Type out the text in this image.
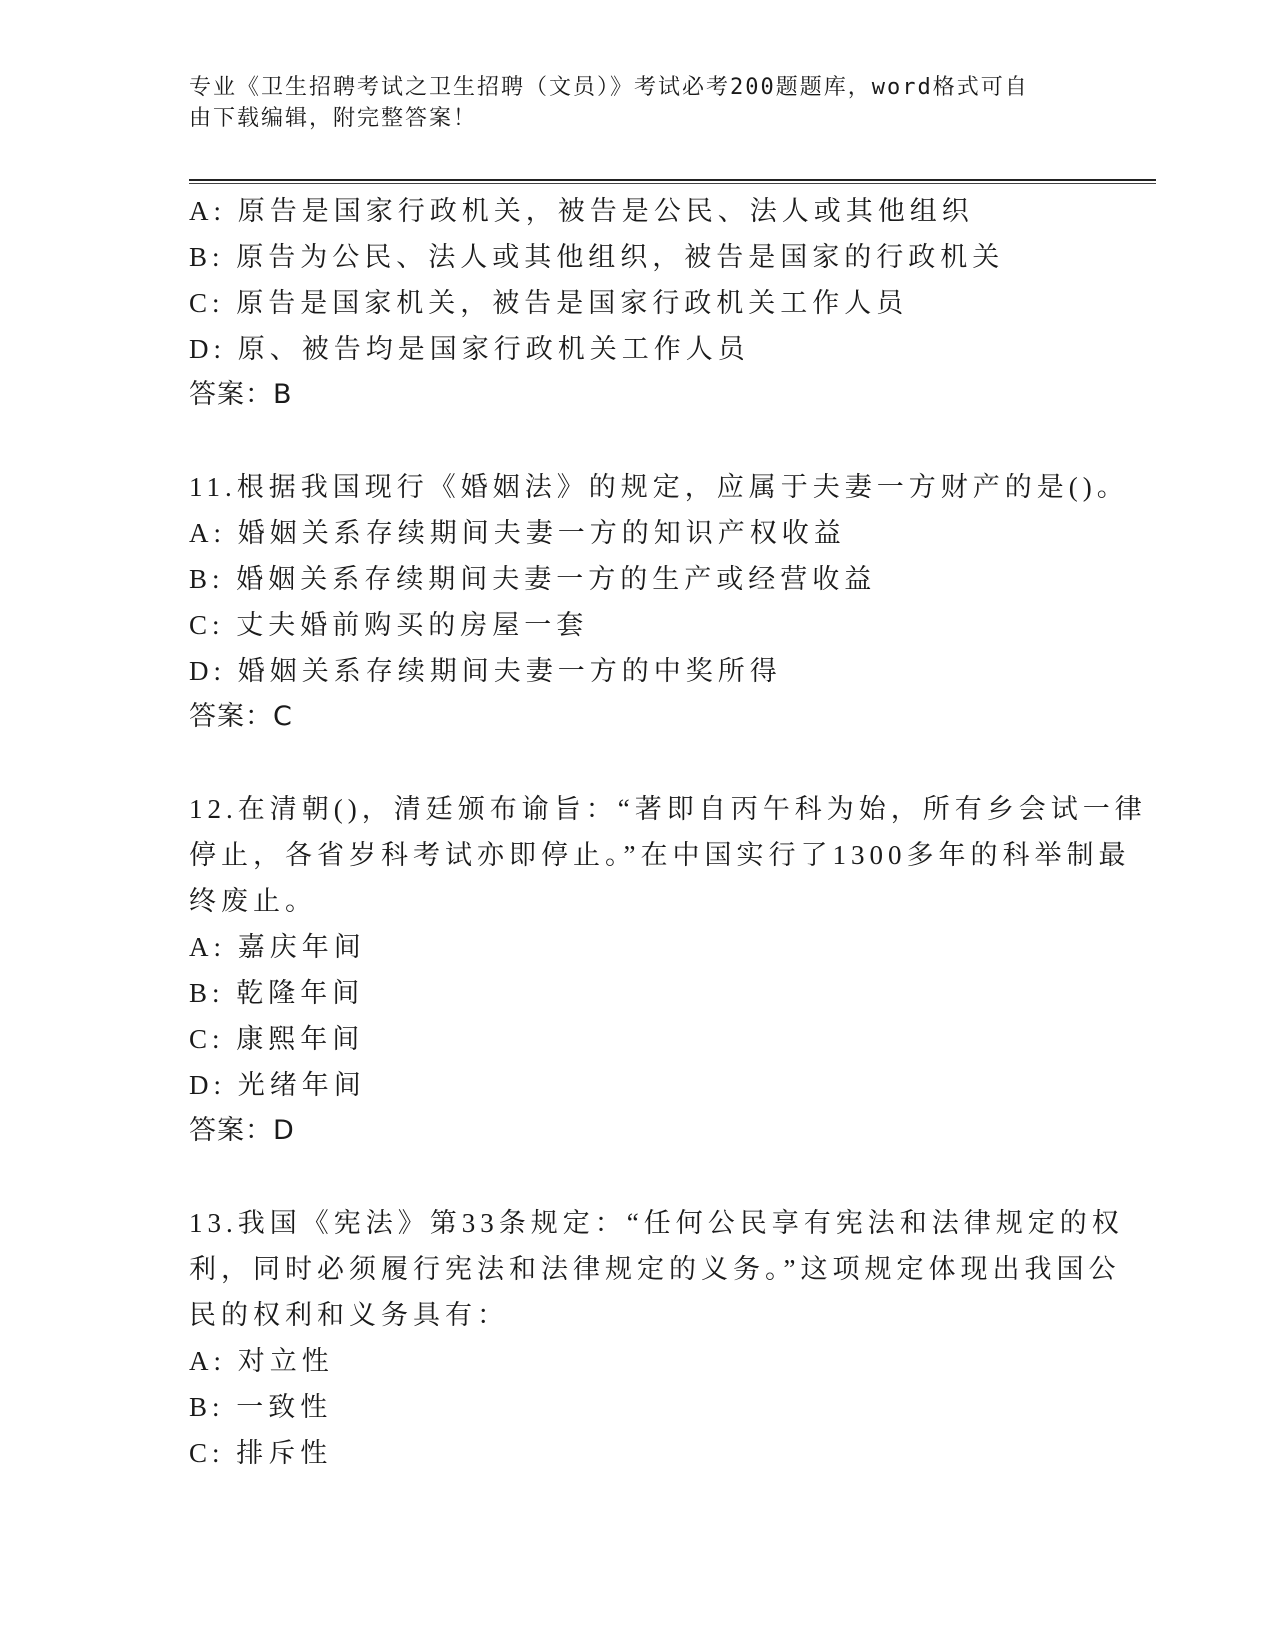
专业《卫生招聘考试之卫生招聘（文员）》考试必考200题题库，word格式可自
由下载编辑，附完整答案！
A: 原告是国家行政机关，被告是公民、法人或其他组织
B: 原告为公民、法人或其他组织，被告是国家的行政机关
C: 原告是国家机关，被告是国家行政机关工作人员
D: 原、被告均是国家行政机关工作人员
答案：B
11.根据我国现行《婚姻法》的规定，应属于夫妻一方财产的是()。
A: 婚姻关系存续期间夫妻一方的知识产权收益
B: 婚姻关系存续期间夫妻一方的生产或经营收益
C: 丈夫婚前购买的房屋一套
D: 婚姻关系存续期间夫妻一方的中奖所得
答案：C
12.在清朝()，清廷颁布谕旨：“著即自丙午科为始，所有乡会试一律
停止，各省岁科考试亦即停止。”在中国实行了1300多年的科举制最
终废止。
A: 嘉庆年间
B: 乾隆年间
C: 康熙年间
D: 光绪年间
答案：D
13.我国《宪法》第33条规定：“任何公民享有宪法和法律规定的权
利，同时必须履行宪法和法律规定的义务。”这项规定体现出我国公
民的权利和义务具有：
A: 对立性
B: 一致性
C: 排斥性
